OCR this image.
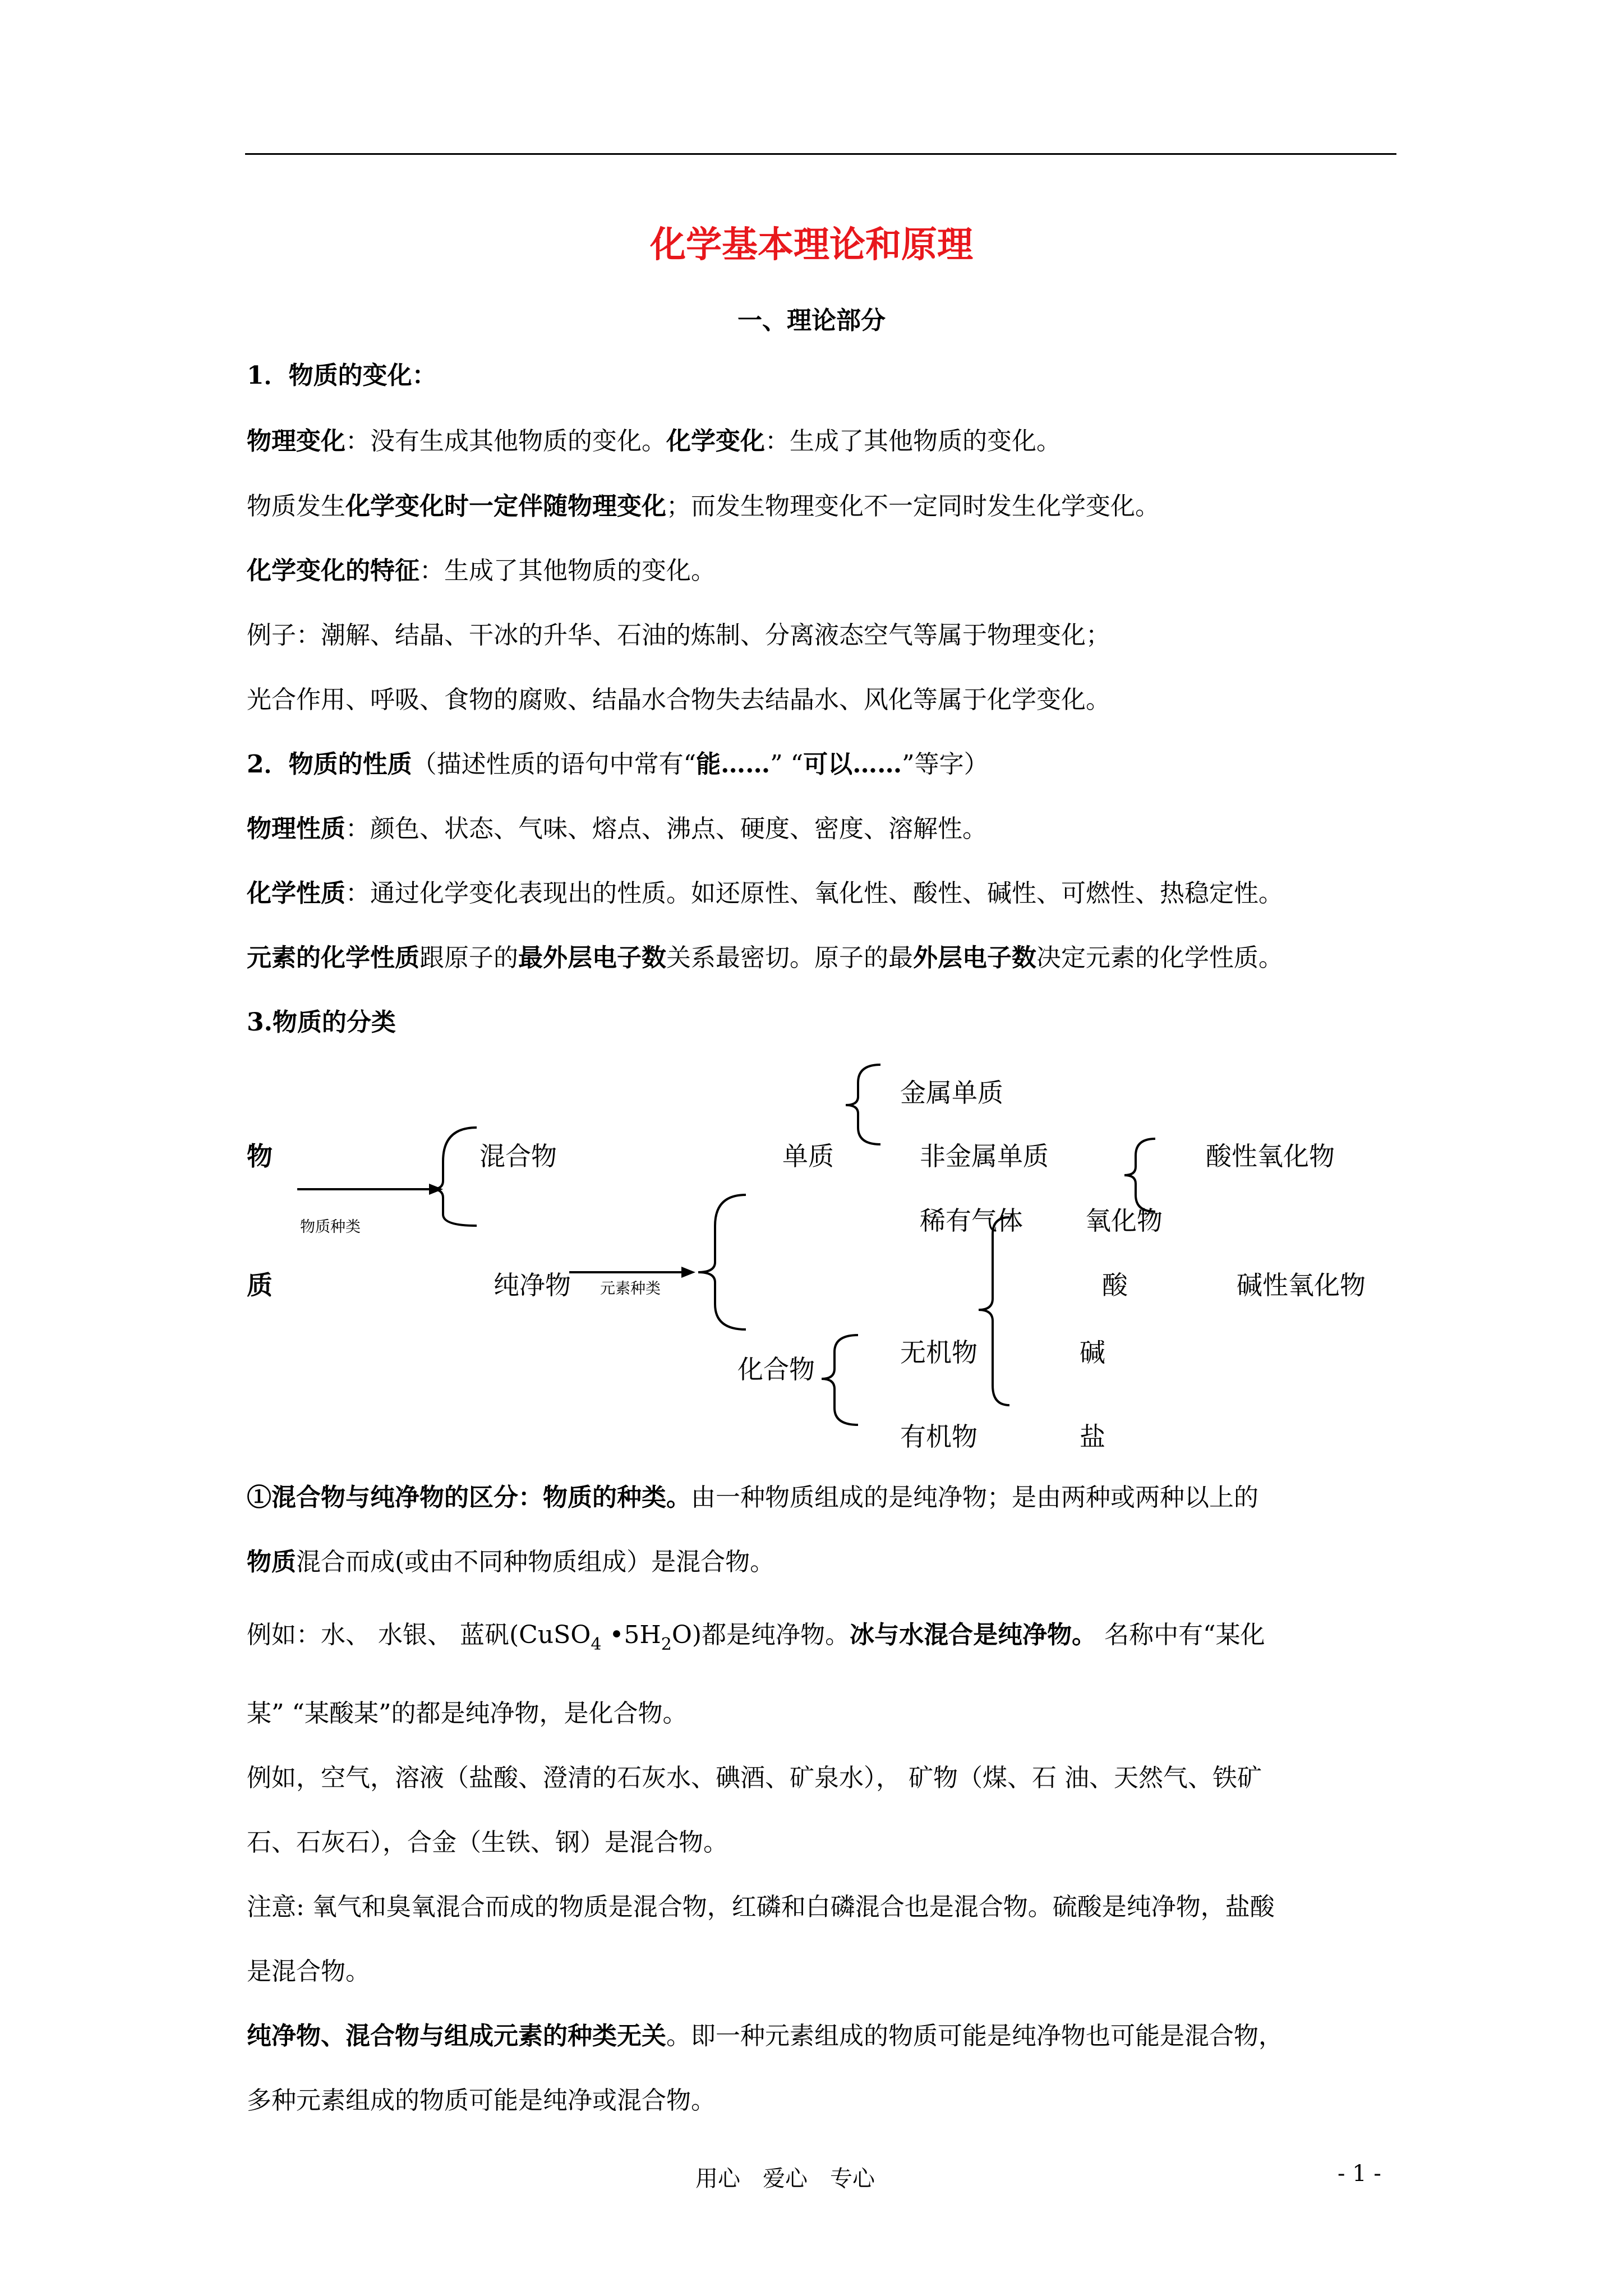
化学基本理论和原理
一、理论部分
1．物质的变化：
物理变化：没有生成其他物质的变化。化学变化：生成了其他物质的变化。
物质发生化学变化时一定伴随物理变化；而发生物理变化不一定同时发生化学变化。
化学变化的特征：生成了其他物质的变化。
例子：潮解、结晶、干冰的升华、石油的炼制、分离液态空气等属于物理变化；
光合作用、呼吸、食物的腐败、结晶水合物失去结晶水、风化等属于化学变化。
2．物质的性质（描述性质的语句中常有“能……” “可以……”等字）
物理性质：颜色、状态、气味、熔点、沸点、硬度、密度、溶解性。
化学性质：通过化学变化表现出的性质。如还原性、氧化性、酸性、碱性、可燃性、热稳定性。
元素的化学性质跟原子的最外层电子数关系最密切。原子的最外层电子数决定元素的化学性质。
3.物质的分类
物
质
物质种类
混合物
纯净物 元素种类
单质
化合物
金属单质
非金属单质
稀有气体
无机物
有机物
氧化物
酸
碱
盐
酸性氧化物
碱性氧化物
①混合物与纯净物的区分：物质的种类。由一种物质组成的是纯净物；是由两种或两种以上的
物质混合而成(或由不同种物质组成）是混合物。
例如：水、 水银、 蓝矾(CuSO$_4$ $•5H_2O$)都是纯净物。冰与水混合是纯净物。 名称中有“某化
某” “某酸某”的都是纯净物，是化合物。
例如，空气，溶液（盐酸、澄清的石灰水、碘酒、矿泉水）， 矿物（煤、石 油、天然气、铁矿
石、石灰石），合金（生铁、钢）是混合物。
注意: 氧气和臭氧混合而成的物质是混合物，红磷和白磷混合也是混合物。硫酸是纯净物，盐酸
是混合物。
纯净物、混合物与组成元素的种类无关。即一种元素组成的物质可能是纯净物也可能是混合物，
多种元素组成的物质可能是纯净或混合物。
用心　爱心　专心	- 1 -
